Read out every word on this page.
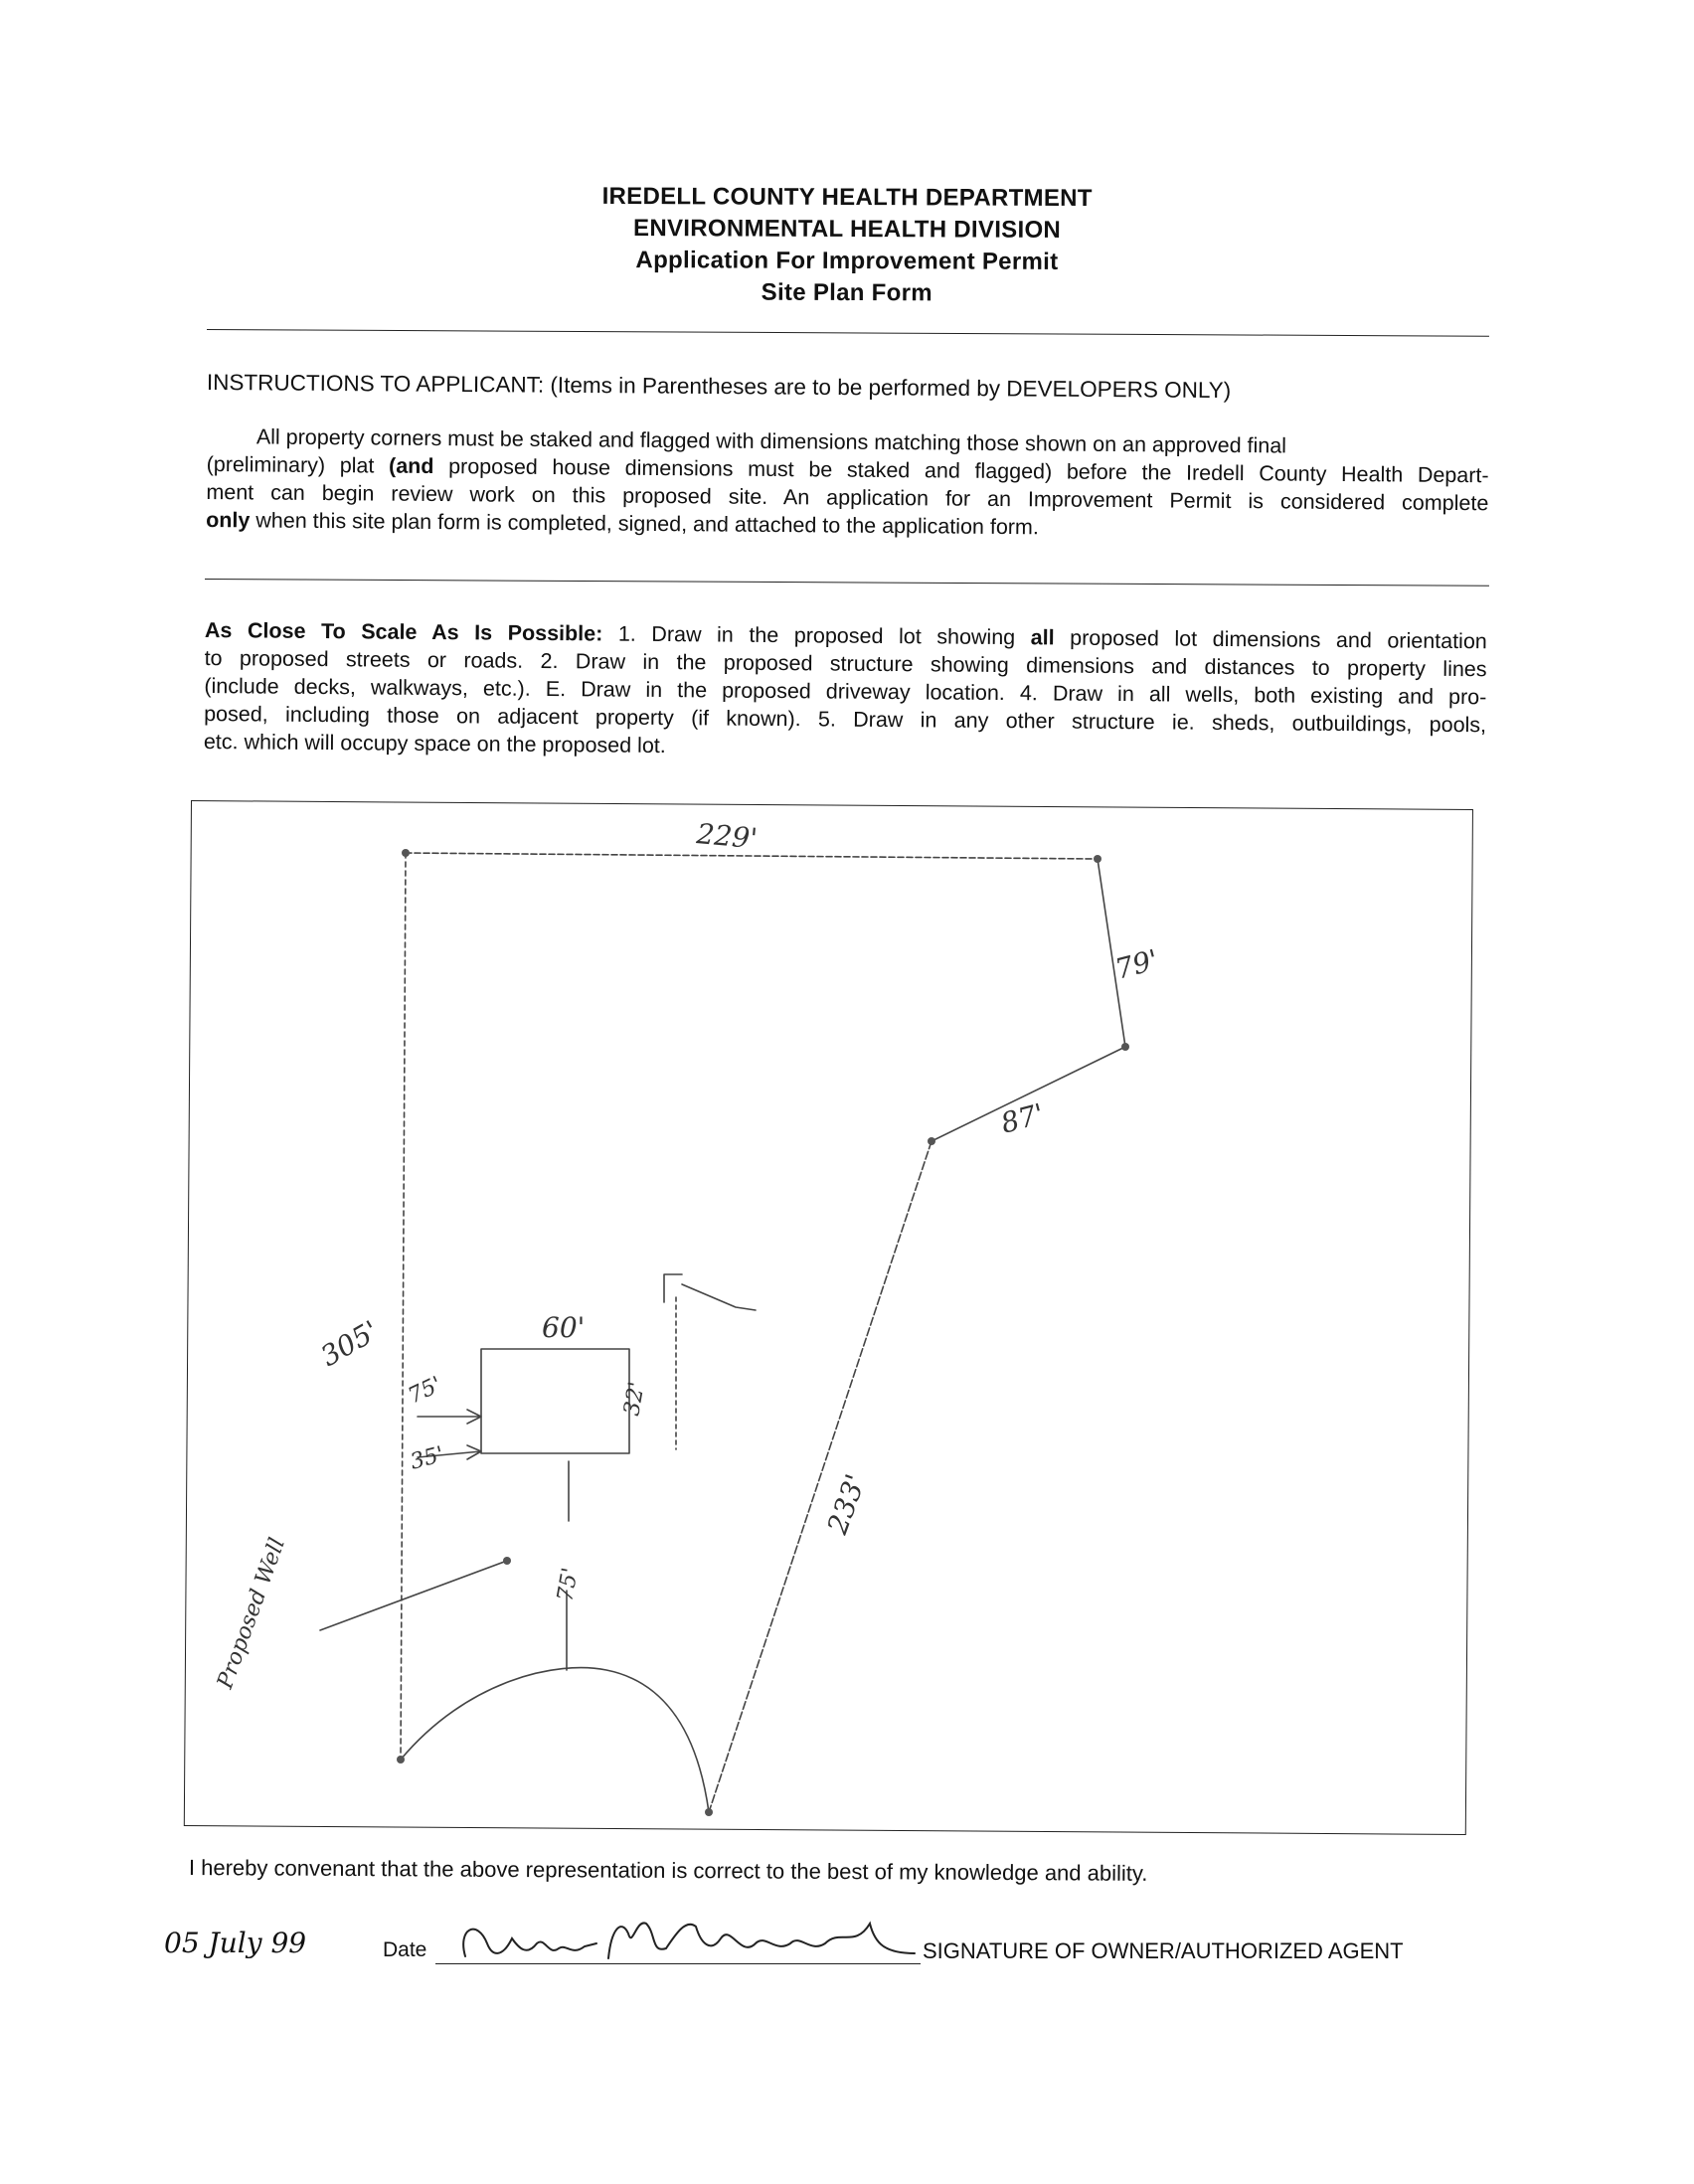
IREDELL COUNTY HEALTH DEPARTMENT
ENVIRONMENTAL HEALTH DIVISION
Application For Improvement Permit
Site Plan Form
INSTRUCTIONS TO APPLICANT: (Items in Parentheses are to be performed by DEVELOPERS ONLY)
All property corners must be staked and flagged with dimensions matching those shown on an approved final
(preliminary) plat (and proposed house dimensions must be staked and flagged) before the Iredell County Health Depart-
ment can begin review work on this proposed site. An application for an Improvement Permit is considered complete
only when this site plan form is completed, signed, and attached to the application form.
As Close To Scale As Is Possible: 1. Draw in the proposed lot showing all proposed lot dimensions and orientation
to proposed streets or roads. 2. Draw in the proposed structure showing dimensions and distances to property lines
(include decks, walkways, etc.). E. Draw in the proposed driveway location. 4. Draw in all wells, both existing and pro-
posed, including those on adjacent property (if known). 5. Draw in any other structure ie. sheds, outbuildings, pools,
etc. which will occupy space on the proposed lot.
229'
79'
87'
233'
305'	60'
32'
75'
35'
75'
Proposed Well
I hereby convenant that the above representation is correct to the best of my knowledge and ability.
05 July 99	Date	SIGNATURE OF OWNER/AUTHORIZED AGENT
